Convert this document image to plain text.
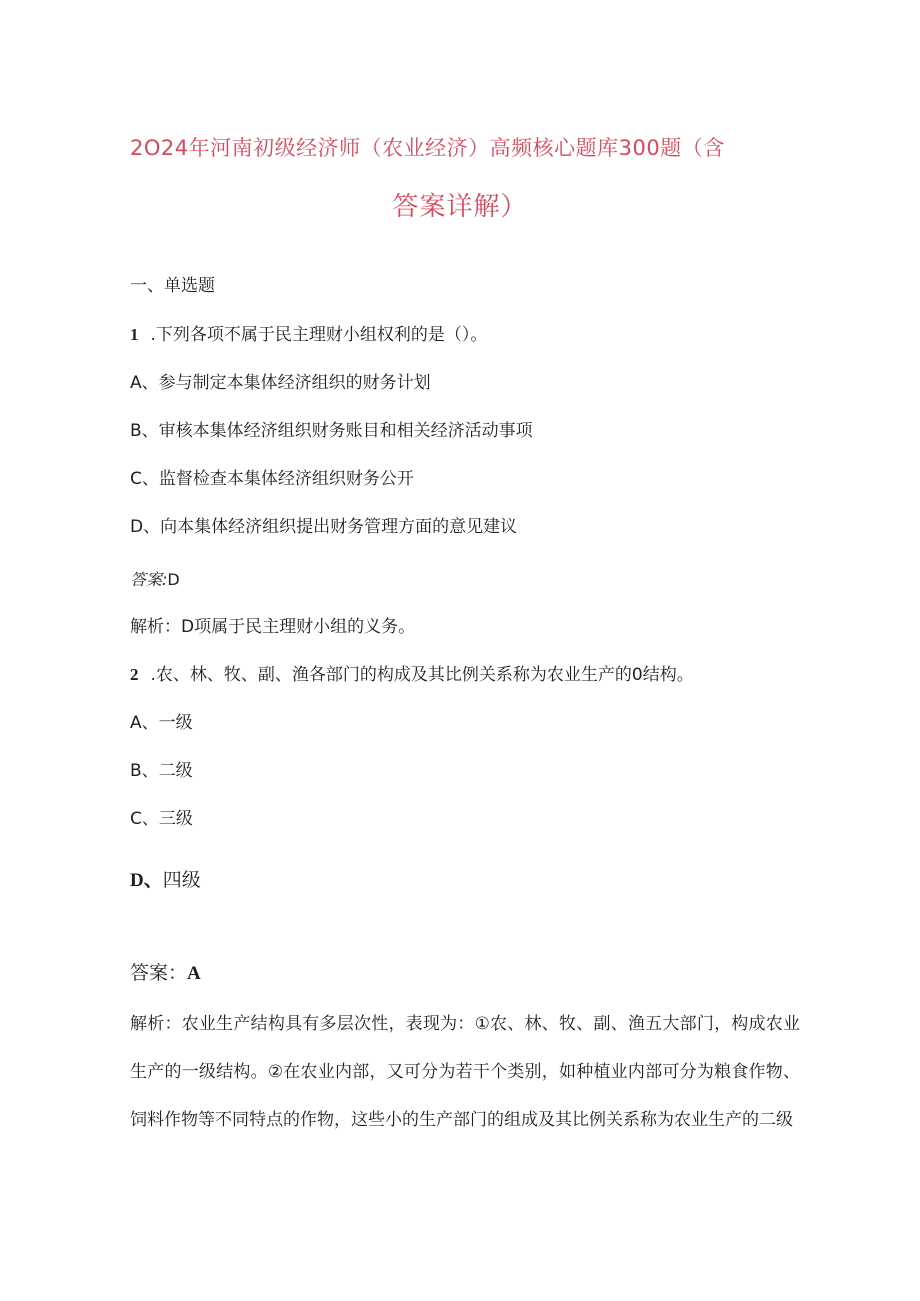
2O24年河南初级经济师（农业经济）高频核心题库300题（含
答案详解）
一、单选题
1 .下列各项不属于民主理财小组权利的是（）。
A、参与制定本集体经济组织的财务计划
B、审核本集体经济组织财务账目和相关经济活动事项
C、监督检查本集体经济组织财务公开
D、向本集体经济组织提出财务管理方面的意见建议
答案:D
解析：D项属于民主理财小组的义务。
2 .农、林、牧、副、渔各部门的构成及其比例关系称为农业生产的0结构。
A、一级
B、二级
C、三级
D、四级
答案：A
解析：农业生产结构具有多层次性，表现为：①农、林、牧、副、渔五大部门，构成农业生产的一级结构。②在农业内部，又可分为若干个类别，如种植业内部可分为粮食作物、饲料作物等不同特点的作物，这些小的生产部门的组成及其比例关系称为农业生产的二级
